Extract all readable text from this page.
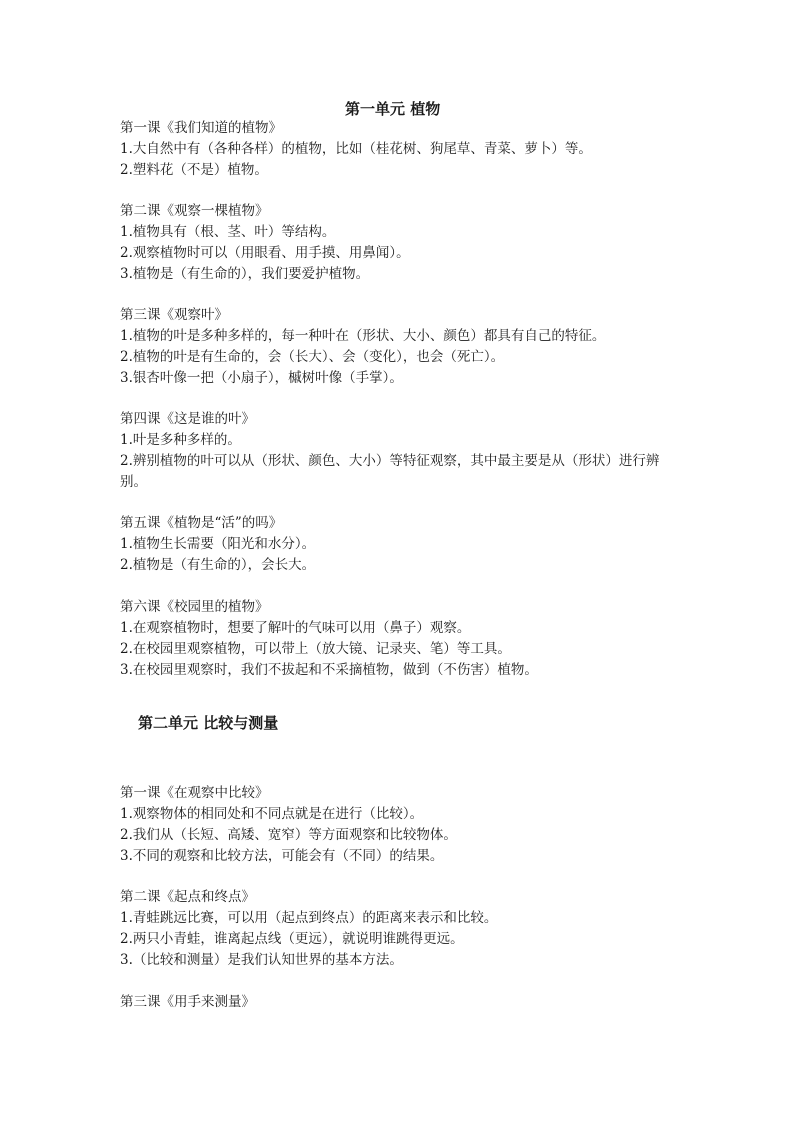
第一单元 植物
第一课《我们知道的植物》
1.大自然中有（各种各样）的植物，比如（桂花树、狗尾草、青菜、萝卜）等。
2.塑料花（不是）植物。
第二课《观察一棵植物》
1.植物具有（根、茎、叶）等结构。
2.观察植物时可以（用眼看、用手摸、用鼻闻）。
3.植物是（有生命的），我们要爱护植物。
第三课《观察叶》
1.植物的叶是多种多样的，每一种叶在（形状、大小、颜色）都具有自己的特征。
2.植物的叶是有生命的，会（长大）、会（变化），也会（死亡）。
3.银杏叶像一把（小扇子），槭树叶像（手掌）。
第四课《这是谁的叶》
1.叶是多种多样的。
2.辨别植物的叶可以从（形状、颜色、大小）等特征观察，其中最主要是从（形状）进行辨别。
第五课《植物是“活”的吗》
1.植物生长需要（阳光和水分）。
2.植物是（有生命的），会长大。
第六课《校园里的植物》
1.在观察植物时，想要了解叶的气味可以用（鼻子）观察。
2.在校园里观察植物，可以带上（放大镜、记录夹、笔）等工具。
3.在校园里观察时，我们不拔起和不采摘植物，做到（不伤害）植物。
第二单元 比较与测量
第一课《在观察中比较》
1.观察物体的相同处和不同点就是在进行（比较）。
2.我们从（长短、高矮、宽窄）等方面观察和比较物体。
3.不同的观察和比较方法，可能会有（不同）的结果。
第二课《起点和终点》
1.青蛙跳远比赛，可以用（起点到终点）的距离来表示和比较。
2.两只小青蛙，谁离起点线（更远），就说明谁跳得更远。
3.（比较和测量）是我们认知世界的基本方法。
第三课《用手来测量》
